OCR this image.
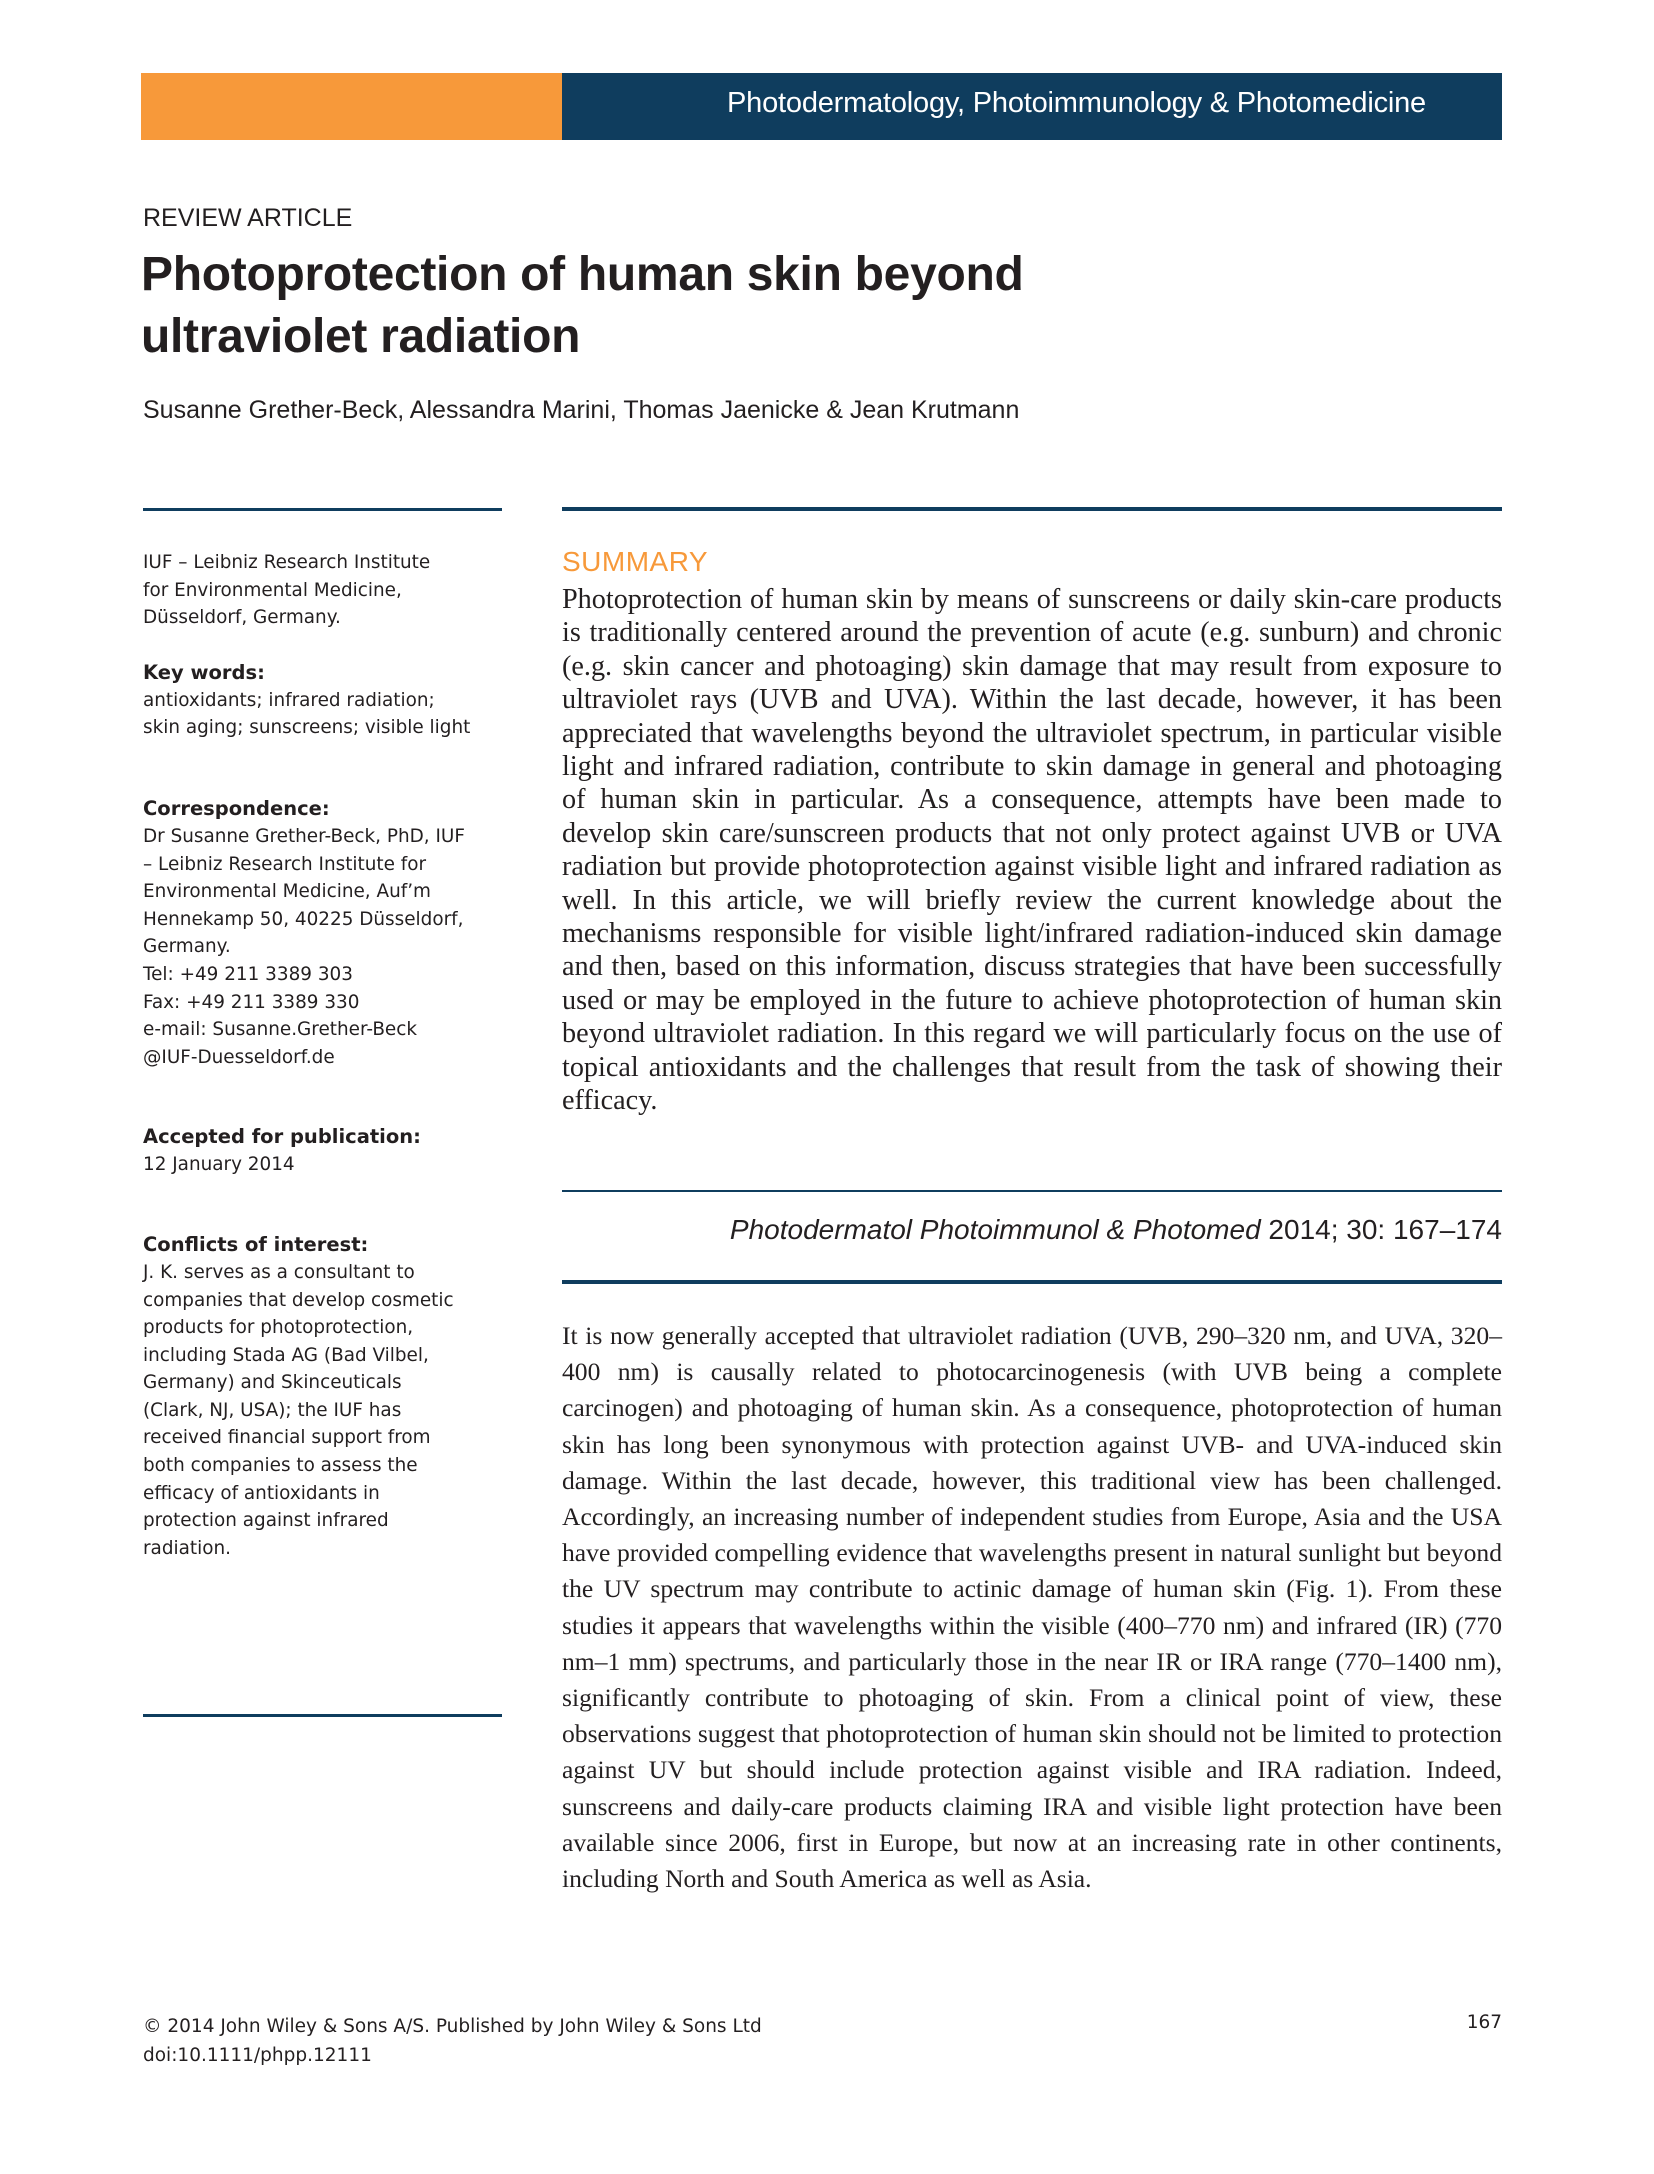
Photodermatology, Photoimmunology & Photomedicine
REVIEW ARTICLE
Photoprotection of human skin beyond
ultraviolet radiation
Susanne Grether-Beck, Alessandra Marini, Thomas Jaenicke & Jean Krutmann

IUF – Leibniz Research Institute

for Environmental Medicine,

Düsseldorf, Germany.

Key words:

antioxidants; infrared radiation;

skin aging; sunscreens; visible light

Correspondence:

Dr Susanne Grether-Beck, PhD, IUF

– Leibniz Research Institute for

Environmental Medicine, Auf’m

Hennekamp 50, 40225 Düsseldorf,

Germany.

Tel: +49 211 3389 303

Fax: +49 211 3389 330

e-mail: Susanne.Grether-Beck

@IUF-Duesseldorf.de

Accepted for publication:

12 January 2014

Conflicts of interest:

J. K. serves as a consultant to

companies that develop cosmetic

products for photoprotection,

including Stada AG (Bad Vilbel,

Germany) and Skinceuticals

(Clark, NJ, USA); the IUF has

received financial support from

both companies to assess the

efficacy of antioxidants in

protection against infrared

radiation.

SUMMARY
Photoprotection of human skin by means of sunscreens or daily skin-care products is traditionally centered around the prevention of acute (e.g. sunburn) and chronic (e.g. skin cancer and photoaging) skin damage that may result from exposure to ultraviolet rays (UVB and UVA). Within the last decade, however, it has been appreciated that wavelengths beyond the ultraviolet spectrum, in particular visible light and infrared radiation, contribute to skin damage in general and photoaging of human skin in particular. As a consequence, attempts have been made to develop skin care/sunscreen products that not only protect against UVB or UVA radiation but provide photoprotection against visible light and infrared radiation as well. In this article, we will briefly review the current knowledge about the mechanisms responsible for visible light/infrared radiation-induced skin damage and then, based on this information, discuss strategies that have been successfully used or may be employed in the future to achieve photoprotection of human skin beyond ultraviolet radiation. In this regard we will particularly focus on the use of topical antioxidants and the challenges that result from the task of showing their efficacy.
Photodermatol Photoimmunol & Photomed 2014; 30: 167–174
It is now generally accepted that ultraviolet radiation (UVB, 290–320 nm, and UVA, 320–400 nm) is causally related to photocarcinogenesis (with UVB being a complete carcinogen) and photoaging of human skin. As a consequence, photoprotection of human skin has long been synonymous with protection against UVB- and UVA-induced skin damage. Within the last decade, however, this traditional view has been challenged. Accordingly, an increasing number of independent studies from Europe, Asia and the USA have provided compelling evidence that wavelengths present in natural sunlight but beyond the UV spectrum may contribute to actinic damage of human skin (Fig. 1). From these studies it appears that wavelengths within the visible (400–770 nm) and infrared (IR) (770 nm–1 mm) spectrums, and particularly those in the near IR or IRA range (770–1400 nm), significantly contribute to photoaging of skin. From a clinical point of view, these observations suggest that photoprotection of human skin should not be limited to protection against UV but should include protection against visible and IRA radiation. Indeed, sunscreens and daily-care products claiming IRA and visible light protection have been available since 2006, first in Europe, but now at an increasing rate in other continents, including North and South America as well as Asia.
© 2014 John Wiley & Sons A/S. Published by John Wiley & Sons Ltd
doi:10.1111/phpp.12111
167
